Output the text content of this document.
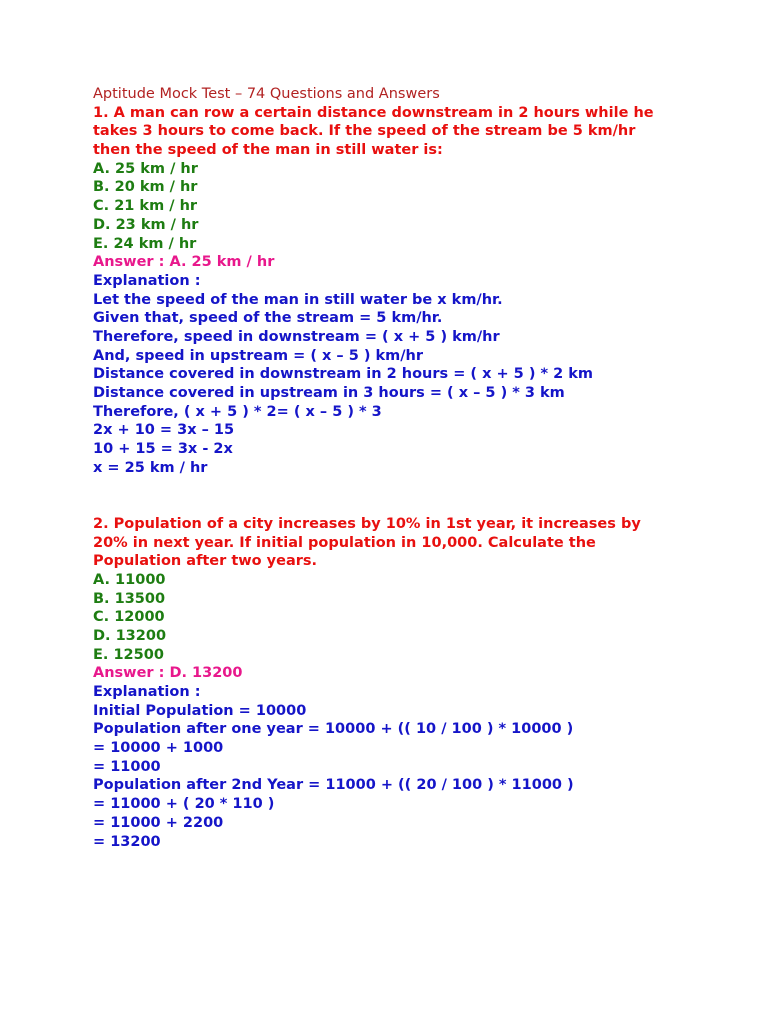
Aptitude Mock Test – 74 Questions and Answers

1. A man can row a certain distance downstream in 2 hours while he

takes 3 hours to come back. If the speed of the stream be 5 km/hr

then the speed of the man in still water is:

A. 25 km / hr

B. 20 km / hr

C. 21 km / hr

D. 23 km / hr

E. 24 km / hr

Answer : A. 25 km / hr

Explanation :

Let the speed of the man in still water be x km/hr.

Given that, speed of the stream = 5 km/hr.

Therefore, speed in downstream = ( x + 5 ) km/hr

And, speed in upstream = ( x – 5 ) km/hr

Distance covered in downstream in 2 hours = ( x + 5 ) * 2 km

Distance covered in upstream in 3 hours = ( x – 5 ) * 3 km

Therefore, ( x + 5 ) * 2= ( x – 5 ) * 3

2x + 10 = 3x – 15

10 + 15 = 3x - 2x

x = 25 km / hr

2. Population of a city increases by 10% in 1st year, it increases by

20% in next year. If initial population in 10,000. Calculate the

Population after two years.

A. 11000

B. 13500

C. 12000

D. 13200

E. 12500

Answer : D. 13200

Explanation :

Initial Population = 10000

Population after one year = 10000 + (( 10 / 100 ) * 10000 )

= 10000 + 1000

= 11000

Population after 2nd Year = 11000 + (( 20 / 100 ) * 11000 )

= 11000 + ( 20 * 110 )

= 11000 + 2200

= 13200
